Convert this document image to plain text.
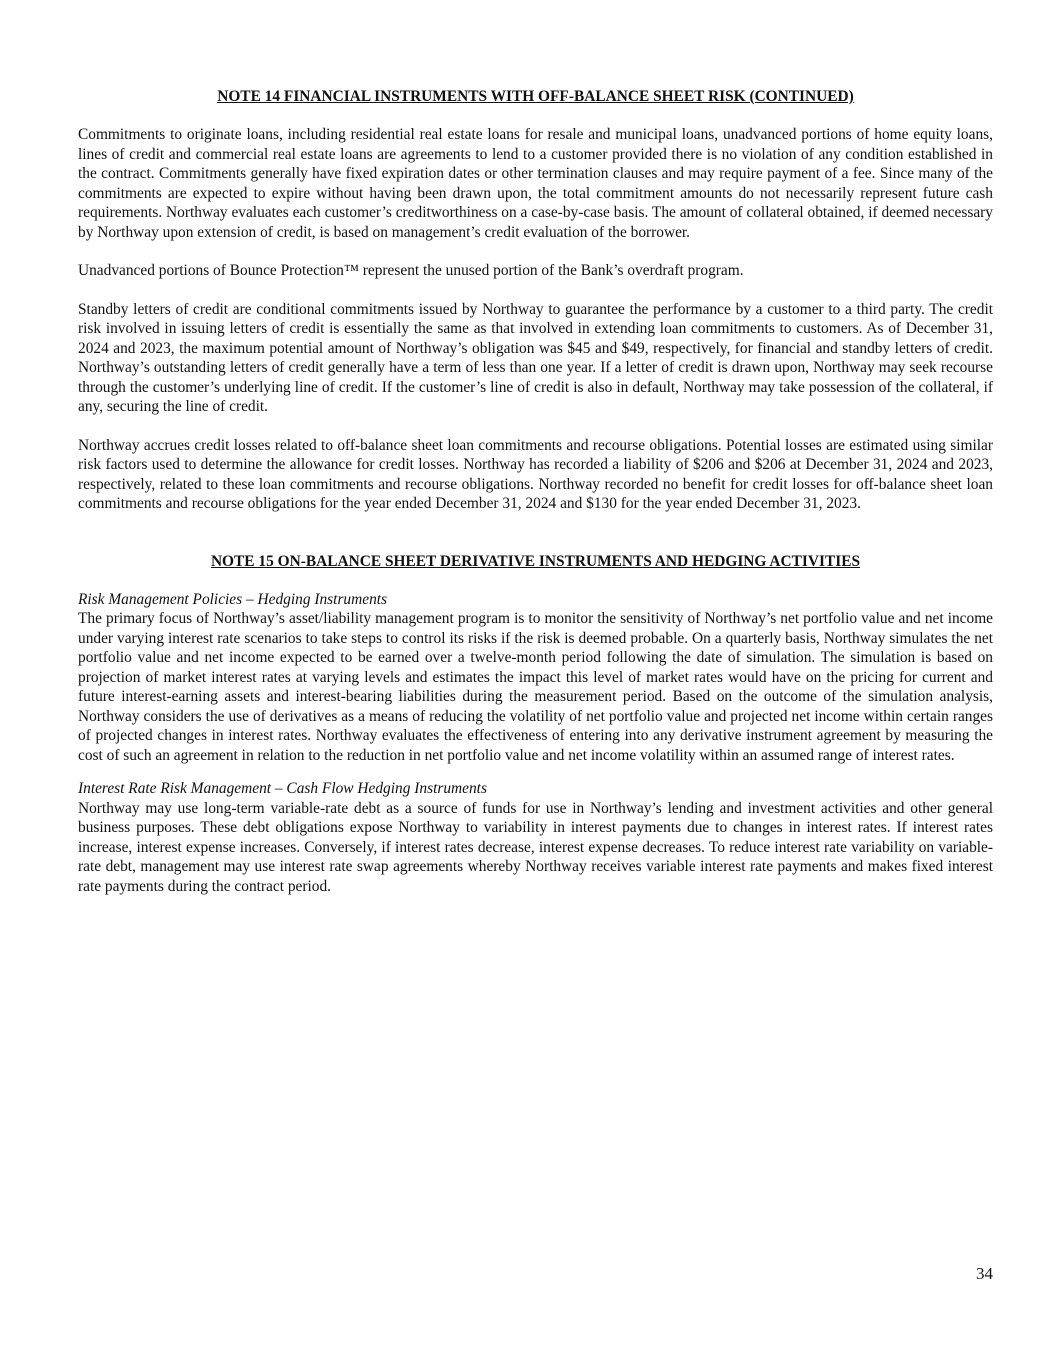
NOTE 14 FINANCIAL INSTRUMENTS WITH OFF-BALANCE SHEET RISK (CONTINUED)

Commitments to originate loans, including residential real estate loans for resale and municipal loans, unadvanced portions of home equity loans, lines of credit and commercial real estate loans are agreements to lend to a customer provided there is no violation of any condition established in the contract. Commitments generally have fixed expiration dates or other termination clauses and may require payment of a fee. Since many of the commitments are expected to expire without having been drawn upon, the total commitment amounts do not necessarily represent future cash requirements. Northway evaluates each customer’s creditworthiness on a case-by-case basis. The amount of collateral obtained, if deemed necessary by Northway upon extension of credit, is based on management’s credit evaluation of the borrower.

Unadvanced portions of Bounce Protection™ represent the unused portion of the Bank’s overdraft program.

Standby letters of credit are conditional commitments issued by Northway to guarantee the performance by a customer to a third party. The credit risk involved in issuing letters of credit is essentially the same as that involved in extending loan commitments to customers. As of December 31, 2024 and 2023, the maximum potential amount of Northway’s obligation was $45 and $49, respectively, for financial and standby letters of credit. Northway’s outstanding letters of credit generally have a term of less than one year. If a letter of credit is drawn upon, Northway may seek recourse through the customer’s underlying line of credit. If the customer’s line of credit is also in default, Northway may take possession of the collateral, if any, securing the line of credit.

Northway accrues credit losses related to off-balance sheet loan commitments and recourse obligations. Potential losses are estimated using similar risk factors used to determine the allowance for credit losses. Northway has recorded a liability of $206 and $206 at December 31, 2024 and 2023, respectively, related to these loan commitments and recourse obligations. Northway recorded no benefit for credit losses for off-balance sheet loan commitments and recourse obligations for the year ended December 31, 2024 and $130 for the year ended December 31, 2023.

NOTE 15 ON-BALANCE SHEET DERIVATIVE INSTRUMENTS AND HEDGING ACTIVITIES

Risk Management Policies – Hedging Instruments

The primary focus of Northway’s asset/liability management program is to monitor the sensitivity of Northway’s net portfolio value and net income under varying interest rate scenarios to take steps to control its risks if the risk is deemed probable. On a quarterly basis, Northway simulates the net portfolio value and net income expected to be earned over a twelve-month period following the date of simulation. The simulation is based on projection of market interest rates at varying levels and estimates the impact this level of market rates would have on the pricing for current and future interest-earning assets and interest-bearing liabilities during the measurement period. Based on the outcome of the simulation analysis, Northway considers the use of derivatives as a means of reducing the volatility of net portfolio value and projected net income within certain ranges of projected changes in interest rates. Northway evaluates the effectiveness of entering into any derivative instrument agreement by measuring the cost of such an agreement in relation to the reduction in net portfolio value and net income volatility within an assumed range of interest rates.

Interest Rate Risk Management – Cash Flow Hedging Instruments

Northway may use long-term variable-rate debt as a source of funds for use in Northway’s lending and investment activities and other general business purposes. These debt obligations expose Northway to variability in interest payments due to changes in interest rates. If interest rates increase, interest expense increases. Conversely, if interest rates decrease, interest expense decreases. To reduce interest rate variability on variable-rate debt, management may use interest rate swap agreements whereby Northway receives variable interest rate payments and makes fixed interest rate payments during the contract period.

34
